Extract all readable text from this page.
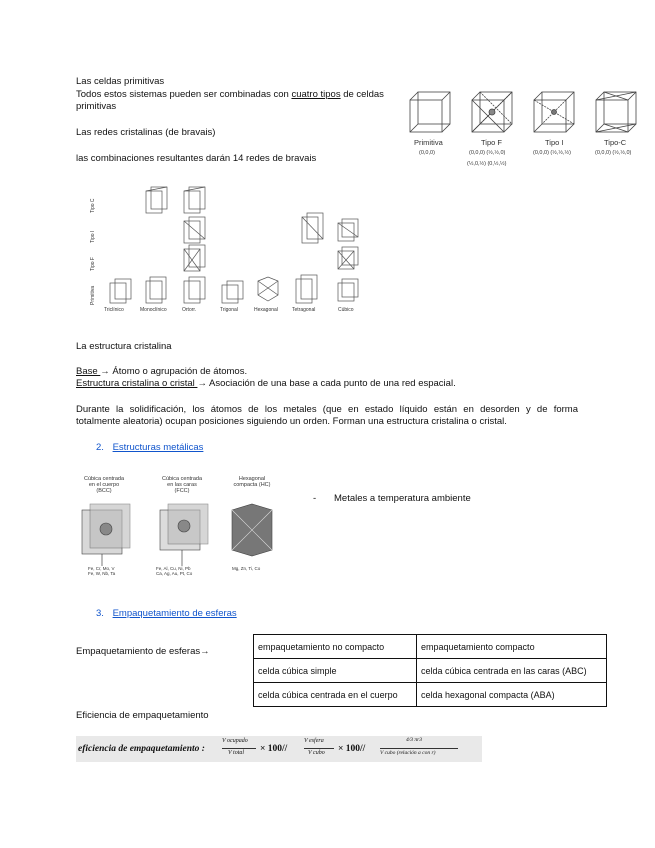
Las celdas primitivas
Todos estos sistemas pueden ser combinadas con cuatro tipos de celdas
primitivas
Primitiva
(0,0,0)
Tipo F
(0,0,0) (½,½,0)
(½,0,½) (0,½,½)
Tipo I
(0,0,0) (½,½,½)
Tipo-C
(0,0,0) (½,½,0)
Las redes cristalinas (de bravais)
las combinaciones resultantes darán 14 redes de bravais
Tipo C
Tipo I
Tipo F
Primitiva
Triclínico	Monoclínico	Ortorr.	Trigonal	Hexagonal	Tetragonal	Cúbico
La estructura cristalina
Base → Átomo o agrupación de átomos.
Estructura cristalina o cristal → Asociación de una base a cada punto de una red espacial.
Durante la solidificación, los átomos de los metales (que en estado líquido están en desorden y de forma
totalmente aleatoria) ocupan posiciones siguiendo un orden. Forman una estructura cristalina o cristal.
2. Estructuras metálicas
Cúbica centrada
en el cuerpo
(BCC)
Cúbica centrada
en las caras
(FCC)
Hexagonal
compacta (HC)
Fe, Cr, Mo, V
Fe, W, Nb, Ta
Fe, Al, Cu, Ni, Pb
Ca, Ag, Au, Pt, Co
Mg, Zn, Ti, Co
- Metales a temperatura ambiente
3. Empaquetamiento de esferas
Empaquetamiento de esferas→	empaquetamiento no compacto	empaquetamiento compacto
celda cúbica simple	celda cúbica centrada en las caras (ABC)
celda cúbica centrada en el cuerpo	celda hexagonal compacta (ABA)
Eficiencia de empaquetamiento
eficiencia de empaquetamiento :
V ocupado
V total × 100//
V esfera
V cubo × 100//
4/3 πr3
V cubo (relación a con r)
